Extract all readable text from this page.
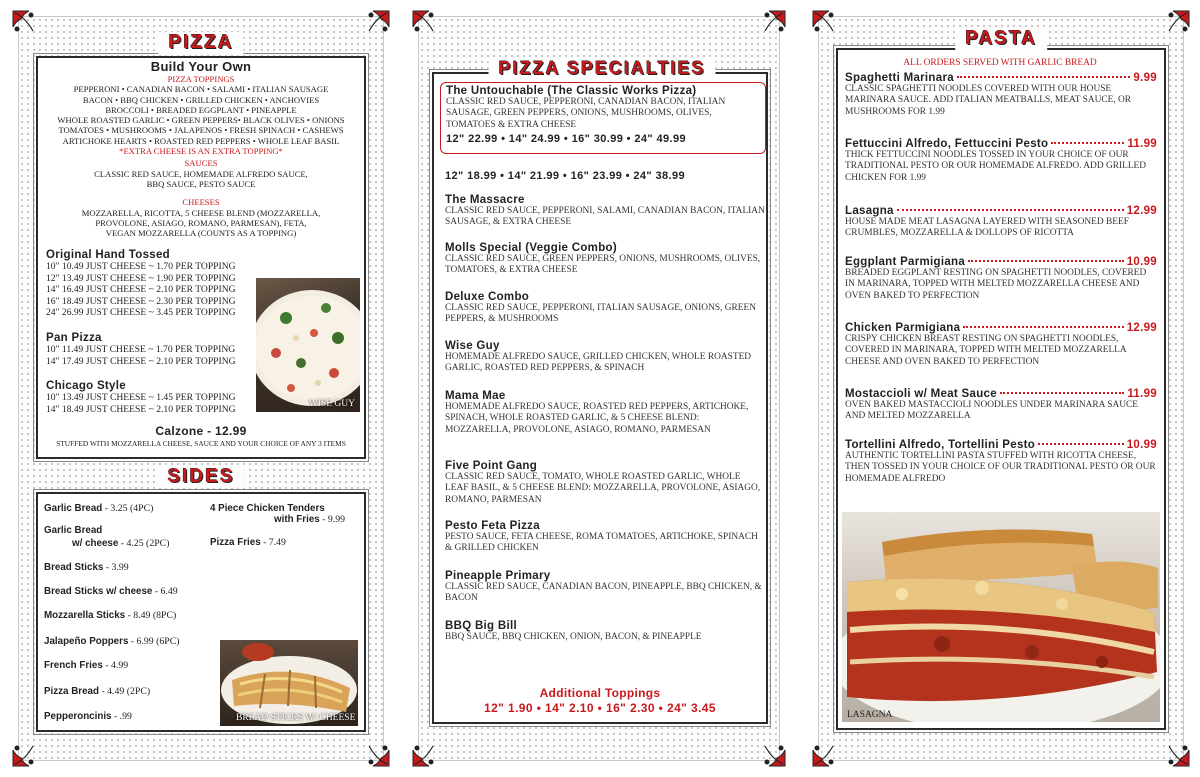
PIZZA
Build Your Own
PIZZA TOPPINGS
PEPPERONI • CANADIAN BACON • SALAMI • ITALIAN SAUSAGE
BACON • BBQ CHICKEN • GRILLED CHICKEN • ANCHOVIES
BROCCOLI • BREADED EGGPLANT • PINEAPPLE
WHOLE ROASTED GARLIC • GREEN PEPPERS• BLACK OLIVES • ONIONS
TOMATOES • MUSHROOMS • JALAPENOS • FRESH SPINACH • CASHEWS
ARTICHOKE HEARTS • ROASTED RED PEPPERS • WHOLE LEAF BASIL
*EXTRA CHEESE IS AN EXTRA TOPPING*
SAUCES
CLASSIC RED SAUCE, HOMEMADE ALFREDO SAUCE,
BBQ SAUCE, PESTO SAUCE
CHEESES
MOZZARELLA, RICOTTA, 5 CHEESE BLEND (MOZZARELLA,
PROVOLONE, ASIAGO, ROMANO, PARMESAN), FETA,
VEGAN MOZZARELLA (COUNTS AS A TOPPING)
Original Hand Tossed
10" 10.49 JUST CHEESE ~ 1.70 PER TOPPING
12" 13.49 JUST CHEESE ~ 1.90 PER TOPPING
14" 16.49 JUST CHEESE ~ 2.10 PER TOPPING
16" 18.49 JUST CHEESE ~ 2.30 PER TOPPING
24" 26.99 JUST CHEESE ~ 3.45 PER TOPPING
Pan Pizza
10" 11.49 JUST CHEESE ~ 1.70 PER TOPPING
14" 17.49 JUST CHEESE ~ 2.10 PER TOPPING
Chicago Style
10" 13.49 JUST CHEESE ~ 1.45 PER TOPPING
14" 18.49 JUST CHEESE ~ 2.10 PER TOPPING	WISE GUY
Calzone - 12.99
STUFFED WITH MOZZARELLA CHEESE, SAUCE AND YOUR CHOICE OF ANY 3 ITEMS
SIDES
Garlic Bread - 3.25 (4PC)
Garlic Bread
w/ cheese - 4.25 (2PC)
Bread Sticks - 3.99
Bread Sticks w/ cheese - 6.49
Mozzarella Sticks - 8.49 (8PC)
Jalapeño Poppers - 6.99 (6PC)
French Fries - 4.99
Pizza Bread - 4.49 (2PC)
Pepperoncinis - .99
4 Piece Chicken Tenders
with Fries - 9.99
Pizza Fries - 7.49
BREAD STICKS W/ CHEESE
PIZZA SPECIALTIES
The Untouchable (The Classic Works Pizza)
CLASSIC RED SAUCE, PEPPERONI, CANADIAN BACON, ITALIAN SAUSAGE, GREEN PEPPERS, ONIONS, MUSHROOMS, OLIVES, TOMATOES & EXTRA CHEESE
12" 22.99 • 14" 24.99 • 16" 30.99 • 24" 49.99
12" 18.99 • 14" 21.99 • 16" 23.99 • 24" 38.99
The Massacre
CLASSIC RED SAUCE, PEPPERONI, SALAMI, CANADIAN BACON, ITALIAN SAUSAGE, & EXTRA CHEESE
Molls Special (Veggie Combo)
CLASSIC RED SAUCE, GREEN PEPPERS, ONIONS, MUSHROOMS, OLIVES, TOMATOES, & EXTRA CHEESE
Deluxe Combo
CLASSIC RED SAUCE, PEPPERONI, ITALIAN SAUSAGE, ONIONS, GREEN PEPPERS, & MUSHROOMS
Wise Guy
HOMEMADE ALFREDO SAUCE, GRILLED CHICKEN, WHOLE ROASTED GARLIC, ROASTED RED PEPPERS, & SPINACH
Mama Mae
HOMEMADE ALFREDO SAUCE, ROASTED RED PEPPERS, ARTICHOKE, SPINACH, WHOLE ROASTED GARLIC, & 5 CHEESE BLEND: MOZZARELLA, PROVOLONE, ASIAGO, ROMANO, PARMESAN
Five Point Gang
CLASSIC RED SAUCE, TOMATO, WHOLE ROASTED GARLIC, WHOLE LEAF BASIL, & 5 CHEESE BLEND: MOZZARELLA, PROVOLONE, ASIAGO, ROMANO, PARMESAN
Pesto Feta Pizza
PESTO SAUCE, FETA CHEESE, ROMA TOMATOES, ARTICHOKE, SPINACH & GRILLED CHICKEN
Pineapple Primary
CLASSIC RED SAUCE, CANADIAN BACON, PINEAPPLE, BBQ CHICKEN, & BACON
BBQ Big Bill
BBQ SAUCE, BBQ CHICKEN, ONION, BACON, & PINEAPPLE
Additional Toppings
12" 1.90 • 14" 2.10 • 16" 2.30 • 24" 3.45
PASTA
ALL ORDERS SERVED WITH GARLIC BREAD
Spaghetti Marinara	9.99
CLASSIC SPAGHETTI NOODLES COVERED WITH OUR HOUSE MARINARA SAUCE. ADD ITALIAN MEATBALLS, MEAT SAUCE, OR MUSHROOMS FOR 1.99
Fettuccini Alfredo, Fettuccini Pesto	11.99
THICK FETTUCCINI NOODLES TOSSED IN YOUR CHOICE OF OUR TRADITIONAL PESTO OR OUR HOMEMADE ALFREDO. ADD GRILLED CHICKEN FOR 1.99
Lasagna	12.99
HOUSE MADE MEAT LASAGNA LAYERED WITH SEASONED BEEF CRUMBLES, MOZZARELLA & DOLLOPS OF RICOTTA
Eggplant Parmigiana	10.99
BREADED EGGPLANT RESTING ON SPAGHETTI NOODLES, COVERED IN MARINARA, TOPPED WITH MELTED MOZZARELLA CHEESE AND OVEN BAKED TO PERFECTION
Chicken Parmigiana	12.99
CRISPY CHICKEN BREAST RESTING ON SPAGHETTI NOODLES, COVERED IN MARINARA, TOPPED WITH MELTED MOZZARELLA CHEESE AND OVEN BAKED TO PERFECTION
Mostaccioli w/ Meat Sauce	11.99
OVEN BAKED MASTACCIOLI NOODLES UNDER MARINARA SAUCE AND MELTED MOZZARELLA
Tortellini Alfredo, Tortellini Pesto	10.99
AUTHENTIC TORTELLINI PASTA STUFFED WITH RICOTTA CHEESE, THEN TOSSED IN YOUR CHOICE OF OUR TRADITIONAL PESTO OR OUR HOMEMADE ALFREDO
LASAGNA
